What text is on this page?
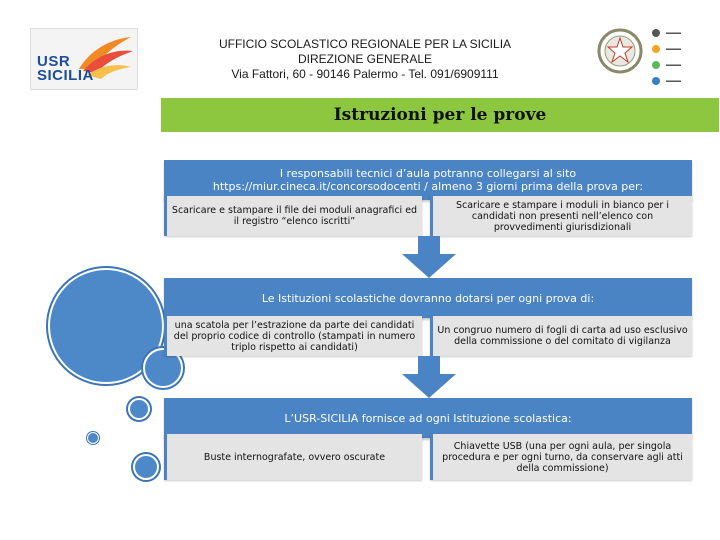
USR
SICILIA
UFFICIO SCOLASTICO REGIONALE PER LA SICILIA
DIREZIONE GENERALE
Via Fattori, 60 - 90146 Palermo - Tel. 091/6909111
▬▬▬
▬▬▬
▬▬▬
▬▬▬
Istruzioni per le prove
I responsabili tecnici d’aula potranno collegarsi al sito
https://miur.cineca.it/concorsodocenti / almeno 3 giorni prima della prova per:
Scaricare e stampare il file dei moduli anagrafici ed il registro “elenco iscritti”
Scaricare e stampare i moduli in bianco per i candidati non presenti nell’elenco con provvedimenti giurisdizionali
Le Istituzioni scolastiche dovranno dotarsi per ogni prova di:
una scatola per l’estrazione da parte dei candidati del proprio codice di controllo (stampati in numero triplo rispetto ai candidati)
Un congruo numero di fogli di carta ad uso esclusivo della commissione o del comitato di vigilanza
L’USR-SICILIA fornisce ad ogni Istituzione scolastica:
Buste internografate, ovvero oscurate
Chiavette USB (una per ogni aula, per singola procedura e per ogni turno, da conservare agli atti della commissione)
